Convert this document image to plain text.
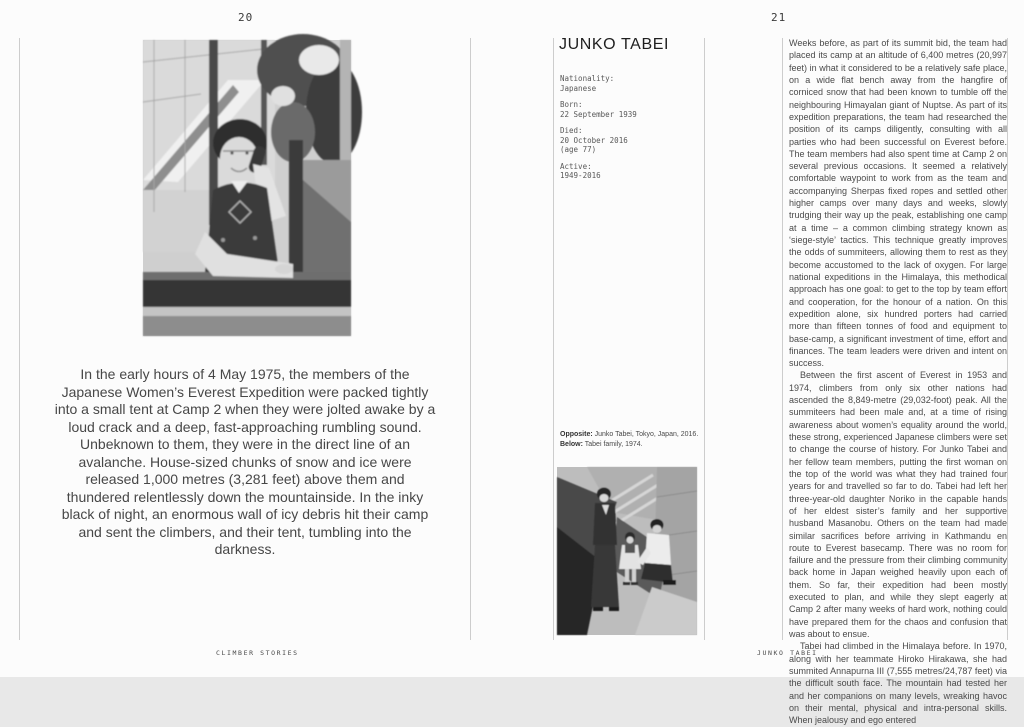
20
In the early hours of 4 May 1975, the members of the Japanese Women’s Everest Expedition were packed tightly into a small tent at Camp 2 when they were jolted awake by a loud crack and a deep, fast-approaching rumbling sound. Unbeknown to them, they were in the direct line of an avalanche. House-sized chunks of snow and ice were released 1,000 metres (3,281 feet) above them and thundered relentlessly down the mountainside. In the inky black of night, an enormous wall of icy debris hit their camp and sent the climbers, and their tent, tumbling into the darkness.
CLIMBER STORIES
21
JUNKO TABEI
Nationality:
Japanese
Born:
22 September 1939
Died:
20 October 2016
(age 77)
Active:
1949-2016
Opposite: Junko Tabei, Tokyo, Japan, 2016.
Below: Tabei family, 1974.

Weeks before, as part of its summit bid, the team had placed its camp at an altitude of 6,400 metres (20,997 feet) in what it considered to be a relatively safe place, on a wide flat bench away from the hangfire of corniced snow that had been known to tumble off the neighbouring Himayalan giant of Nuptse. As part of its expedition preparations, the team had researched the position of its camps diligently, consulting with all parties who had been successful on Everest before. The team members had also spent time at Camp 2 on several previous occasions. It seemed a relatively comfortable waypoint to work from as the team and accompanying Sherpas fixed ropes and settled other higher camps over many days and weeks, slowly trudging their way up the peak, establishing one camp at a time – a common climbing strategy known as ‘siege-style’ tactics. This technique greatly improves the odds of summiteers, allowing them to rest as they become accustomed to the lack of oxygen. For large national expeditions in the Himalaya, this methodical approach has one goal: to get to the top by team effort and cooperation, for the honour of a nation. On this expedition alone, six hundred porters had carried more than fifteen tonnes of food and equipment to base-camp, a significant investment of time, effort and finances. The team leaders were driven and intent on success.

Between the first ascent of Everest in 1953 and 1974, climbers from only six other nations had ascended the 8,849-metre (29,032-foot) peak. All the summiteers had been male and, at a time of rising awareness about women’s equality around the world, these strong, experienced Japanese climbers were set to change the course of history. For Junko Tabei and her fellow team members, putting the first woman on the top of the world was what they had trained four years for and travelled so far to do. Tabei had left her three-year-old daughter Noriko in the capable hands of her eldest sister’s family and her supportive husband Masanobu. Others on the team had made similar sacrifices before arriving in Kathmandu en route to Everest basecamp. There was no room for failure and the pressure from their climbing community back home in Japan weighed heavily upon each of them. So far, their expedition had been mostly executed to plan, and while they slept eagerly at Camp 2 after many weeks of hard work, nothing could have prepared them for the chaos and confusion that was about to ensue.

Tabei had climbed in the Himalaya before. In 1970, along with her teammate Hiroko Hirakawa, she had summited Annapurna III (7,555 metres/24,787 feet) via the difficult south face. The mountain had tested her and her companions on many levels, wreaking havoc on their mental, physical and intra-personal skills. When jealousy and ego entered

JUNKO TABEI
